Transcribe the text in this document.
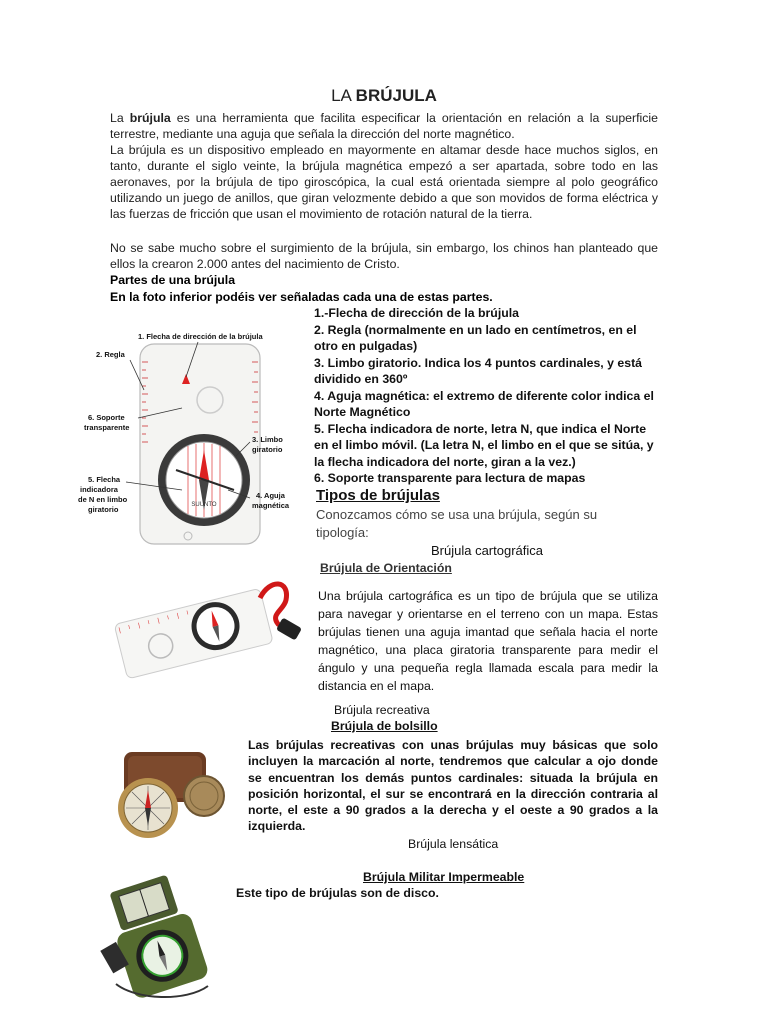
LA BRÚJULA
La brújula es una herramienta que facilita especificar la orientación en relación a la superficie terrestre, mediante una aguja que señala la dirección del norte magnético.
La brújula es un dispositivo empleado en mayormente en altamar desde hace muchos siglos, en tanto, durante el siglo veinte, la brújula magnética empezó a ser apartada, sobre todo en las aeronaves, por la brújula de tipo giroscópica, la cual está orientada siempre al polo geográfico utilizando un juego de anillos, que giran velozmente debido a que son movidos de forma eléctrica y las fuerzas de fricción que usan el movimiento de rotación natural de la tierra.
No se sabe mucho sobre el surgimiento de la brújula, sin embargo, los chinos han planteado que ellos la crearon 2.000 antes del nacimiento de Cristo.
Partes de una brújula
En la foto inferior podéis ver señaladas cada una de estas partes.
1.-Flecha de dirección de la brújula
2. Regla (normalmente en un lado en centímetros, en el otro en pulgadas)
3. Limbo giratorio. Indica los 4 puntos cardinales, y está dividido en 360º
4. Aguja magnética: el extremo de diferente color indica el Norte Magnético
5. Flecha indicadora de norte, letra N, que indica el Norte en el limbo móvil. (La letra N, el limbo en el que se sitúa, y la flecha indicadora del norte, giran a la vez.)
6. Soporte transparente para lectura de mapas
SUUNTO
1. Flecha de dirección de la brújula
2. Regla
6. Soporte
transparente
3. Limbo
giratorio
4. Aguja
magnética
5. Flecha
indicadora
de N en limbo
giratorio
Tipos de brújulas
Conozcamos cómo se usa una brújula, según su tipología:
Brújula cartográfica
Brújula de Orientación
Una brújula cartográfica es un tipo de brújula que se utiliza para navegar y orientarse en el terreno con un mapa. Estas brújulas tienen una aguja imantad que señala hacia el norte magnético, una placa giratoria transparente para medir el ángulo y una pequeña regla llamada escala para medir la distancia en el mapa.
Brújula recreativa
Brújula de bolsillo
Las brújulas recreativas con unas brújulas muy básicas que solo incluyen la marcación al norte, tendremos que calcular a ojo donde se encuentran los demás puntos cardinales: situada la brújula en posición horizontal, el sur se encontrará en la dirección contraria al norte, el este a 90 grados a la derecha y el oeste a 90 grados a la izquierda.
Brújula lensática
Brújula Militar Impermeable
Este tipo de brújulas son de disco.
